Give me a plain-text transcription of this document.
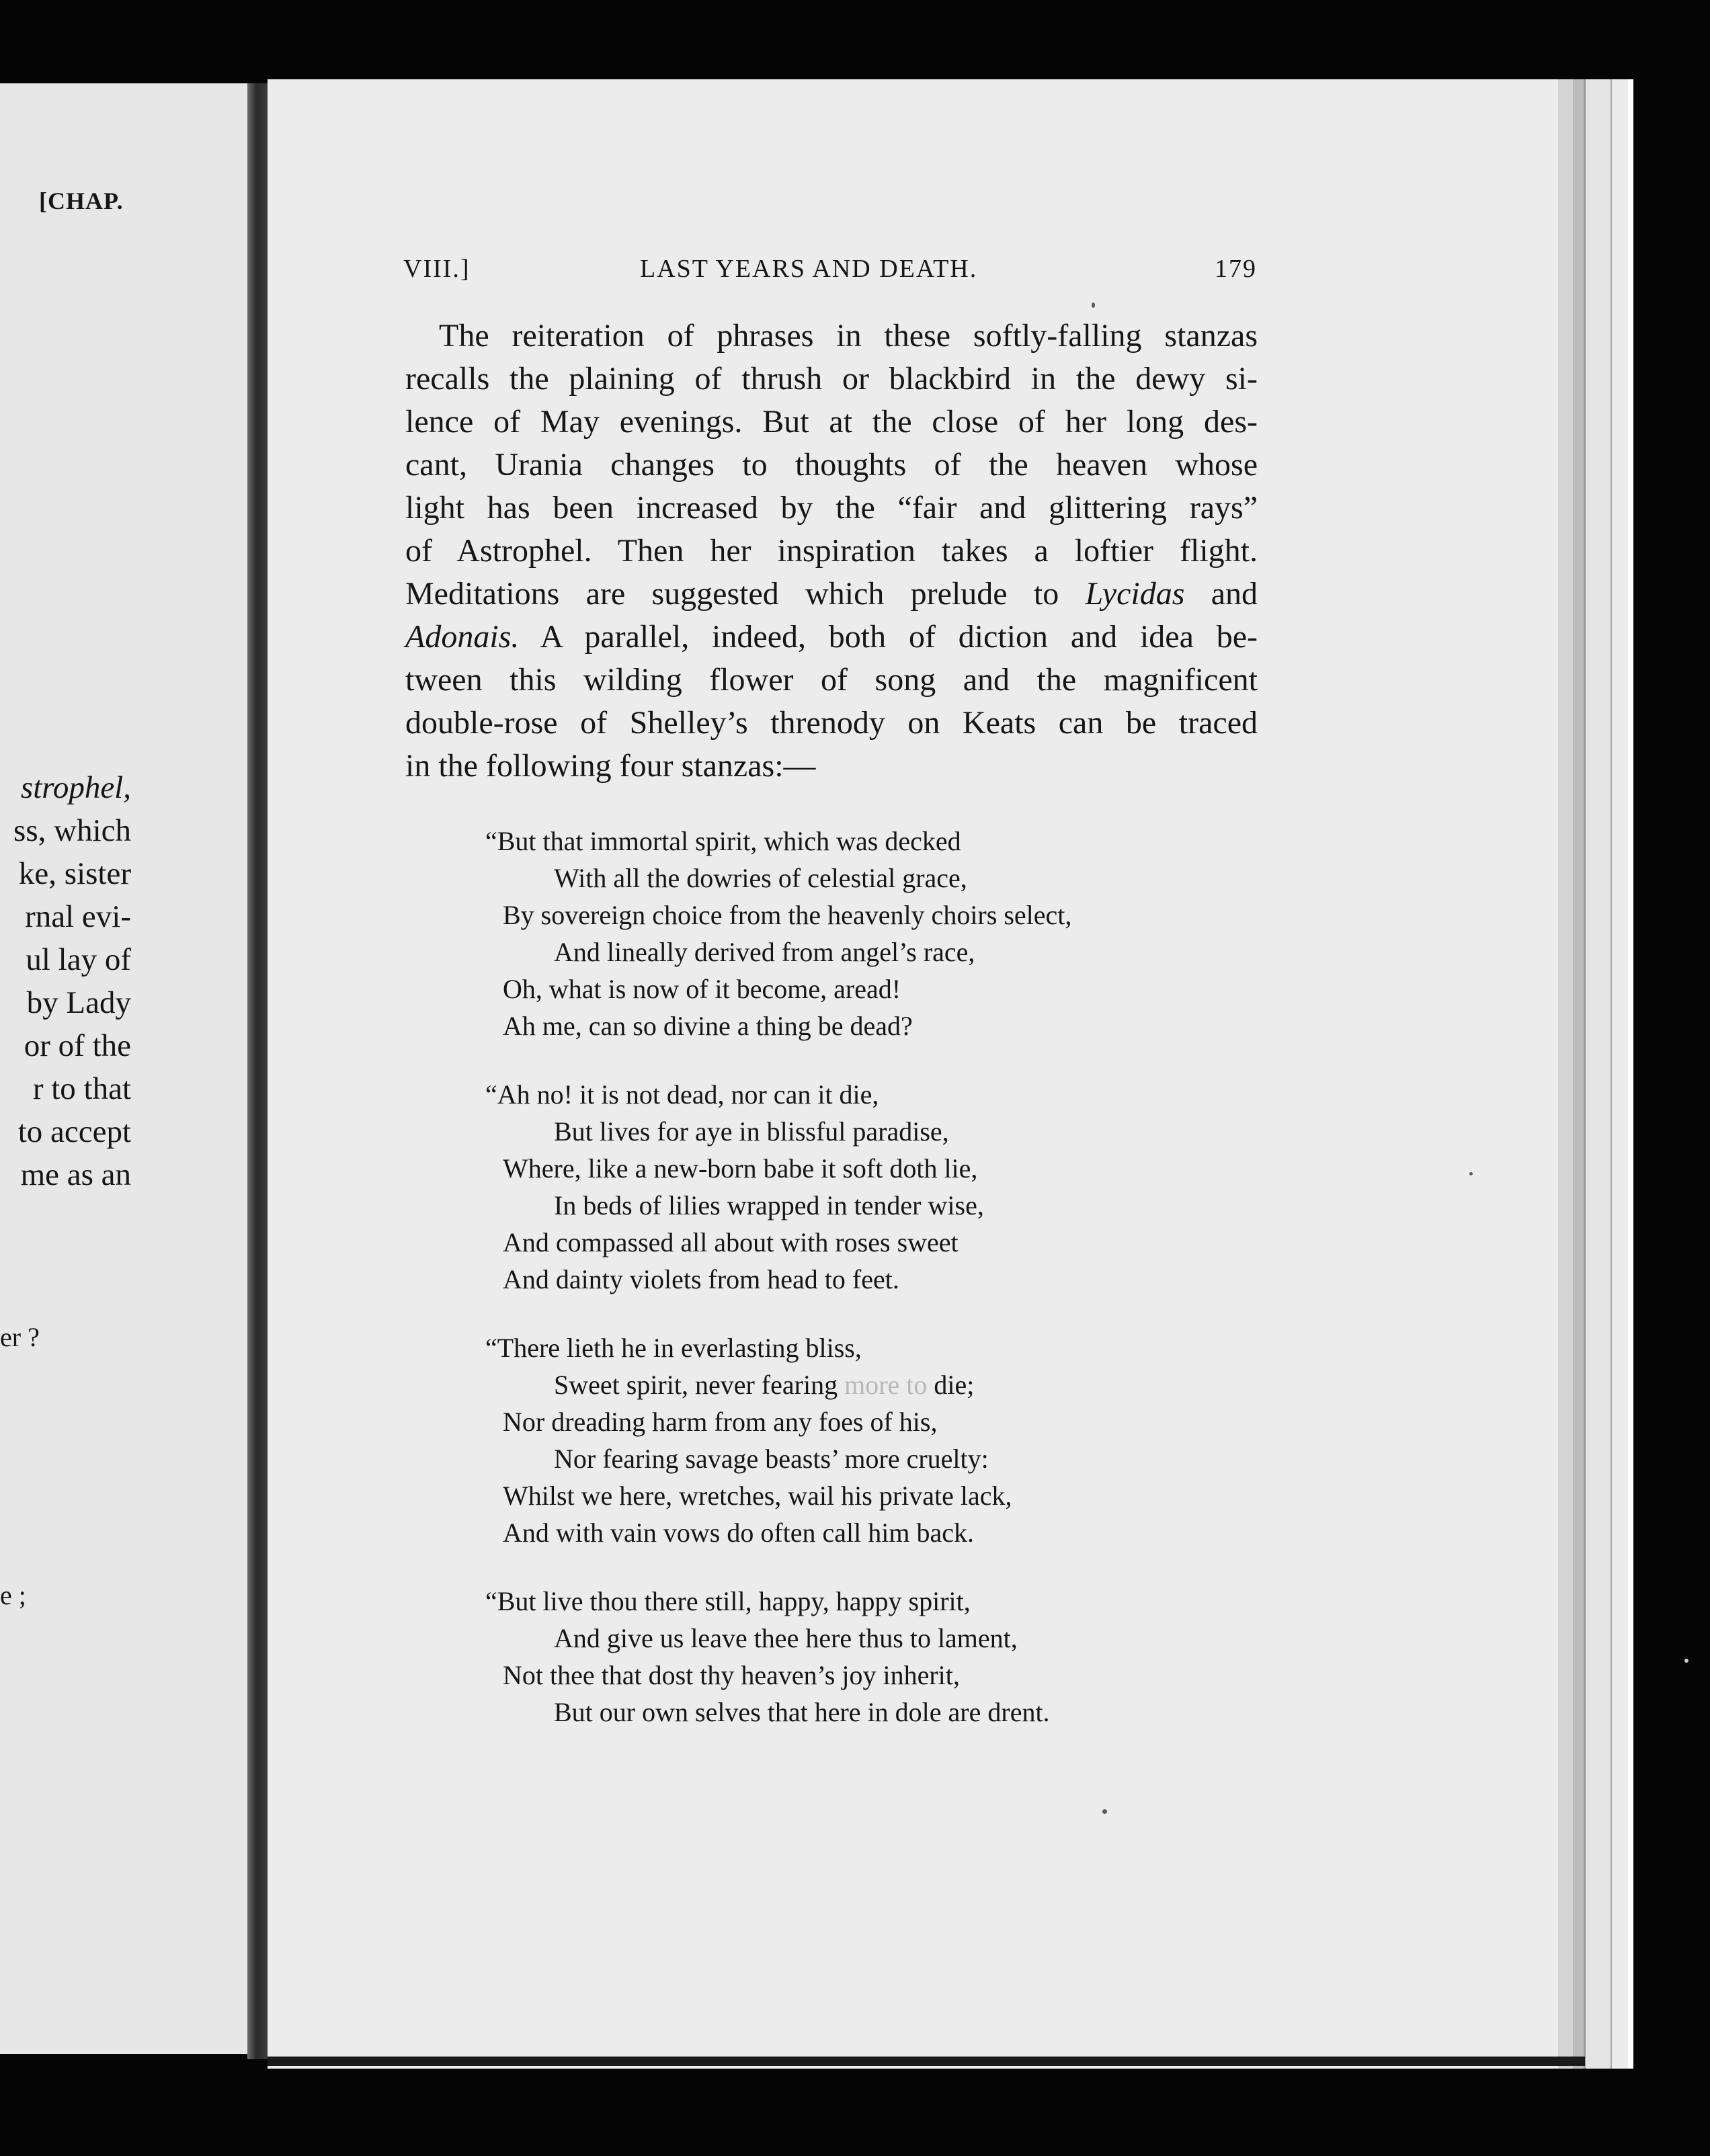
[CHAP.
strophel,
ss, which
ke, sister
rnal evi-
ul lay of
by Lady
or of the
r to that
to accept
me as an
er ?
e ;
VIII.]	LAST YEARS AND DEATH.	179
The reiteration of phrases in these softly-falling stanzas
recalls the plaining of thrush or blackbird in the dewy si-
lence of May evenings. But at the close of her long des-
cant, Urania changes to thoughts of the heaven whose
light has been increased by the “fair and glittering rays”
of Astrophel. Then her inspiration takes a loftier flight.
Meditations are suggested which prelude to Lycidas and
Adonais. A parallel, indeed, both of diction and idea be-
tween this wilding flower of song and the magnificent
double-rose of Shelley’s threnody on Keats can be traced
in the following four stanzas:—
“But that immortal spirit, which was decked
With all the dowries of celestial grace,
By sovereign choice from the heavenly choirs select,
And lineally derived from angel’s race,
Oh, what is now of it become, aread!
Ah me, can so divine a thing be dead?
“Ah no! it is not dead, nor can it die,
But lives for aye in blissful paradise,
Where, like a new-born babe it soft doth lie,
In beds of lilies wrapped in tender wise,
And compassed all about with roses sweet
And dainty violets from head to feet.
“There lieth he in everlasting bliss,
Sweet spirit, never fearing more to die;
Nor dreading harm from any foes of his,
Nor fearing savage beasts’ more cruelty:
Whilst we here, wretches, wail his private lack,
And with vain vows do often call him back.
“But live thou there still, happy, happy spirit,
And give us leave thee here thus to lament,
Not thee that dost thy heaven’s joy inherit,
But our own selves that here in dole are drent.
